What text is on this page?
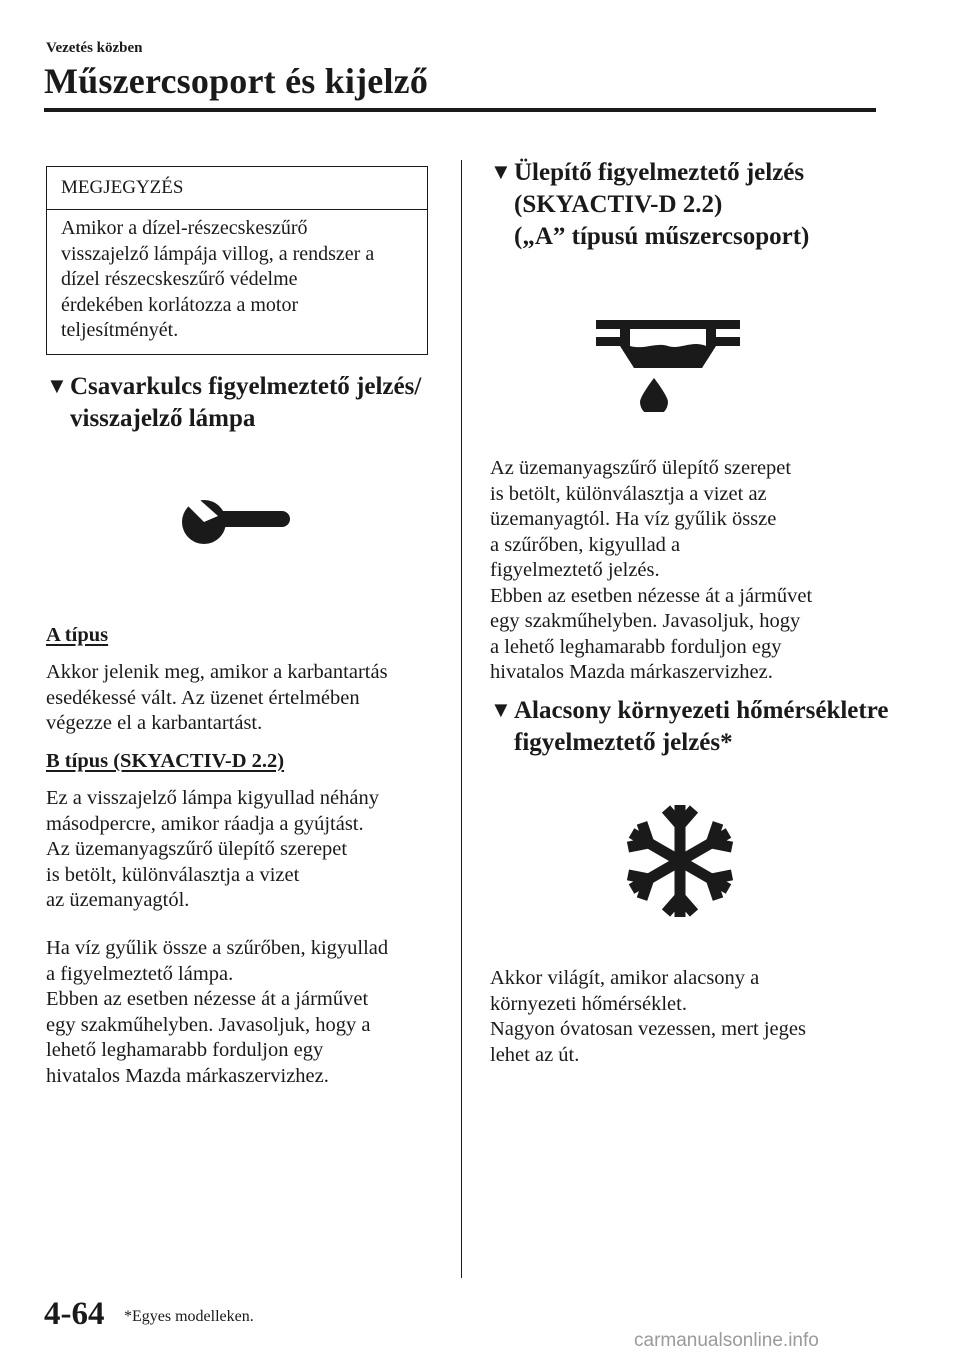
Vezetés közben
Műszercsoport és kijelző
MEGJEGYZÉS
Amikor a dízel-részecskeszűrő
visszajelző lámpája villog, a rendszer a
dízel részecskeszűrő védelme
érdekében korlátozza a motor
teljesítményét.
▼Csavarkulcs figyelmeztető jelzés/
visszajelző lámpa
A típus
Akkor jelenik meg, amikor a karbantartás
esedékessé vált. Az üzenet értelmében
végezze el a karbantartást.
B típus (SKYACTIV-D 2.2)
Ez a visszajelző lámpa kigyullad néhány
másodpercre, amikor ráadja a gyújtást.
Az üzemanyagszűrő ülepítő szerepet
is betölt, különválasztja a vizet
az üzemanyagtól.
Ha víz gyűlik össze a szűrőben, kigyullad
a figyelmeztető lámpa.
Ebben az esetben nézesse át a járművet
egy szakműhelyben. Javasoljuk, hogy a
lehető leghamarabb forduljon egy
hivatalos Mazda márkaszervizhez.
▼Ülepítő figyelmeztető jelzés
(SKYACTIV-D 2.2)
(„A” típusú műszercsoport)
Az üzemanyagszűrő ülepítő szerepet
is betölt, különválasztja a vizet az
üzemanyagtól. Ha víz gyűlik össze
a szűrőben, kigyullad a
figyelmeztető jelzés.
Ebben az esetben nézesse át a járművet
egy szakműhelyben. Javasoljuk, hogy
a lehető leghamarabb forduljon egy
hivatalos Mazda márkaszervizhez.
▼Alacsony környezeti hőmérsékletre
figyelmeztető jelzés*
Akkor világít, amikor alacsony a
környezeti hőmérséklet.
Nagyon óvatosan vezessen, mert jeges
lehet az út.
4-64 *Egyes modelleken.
carmanualsonline.info
